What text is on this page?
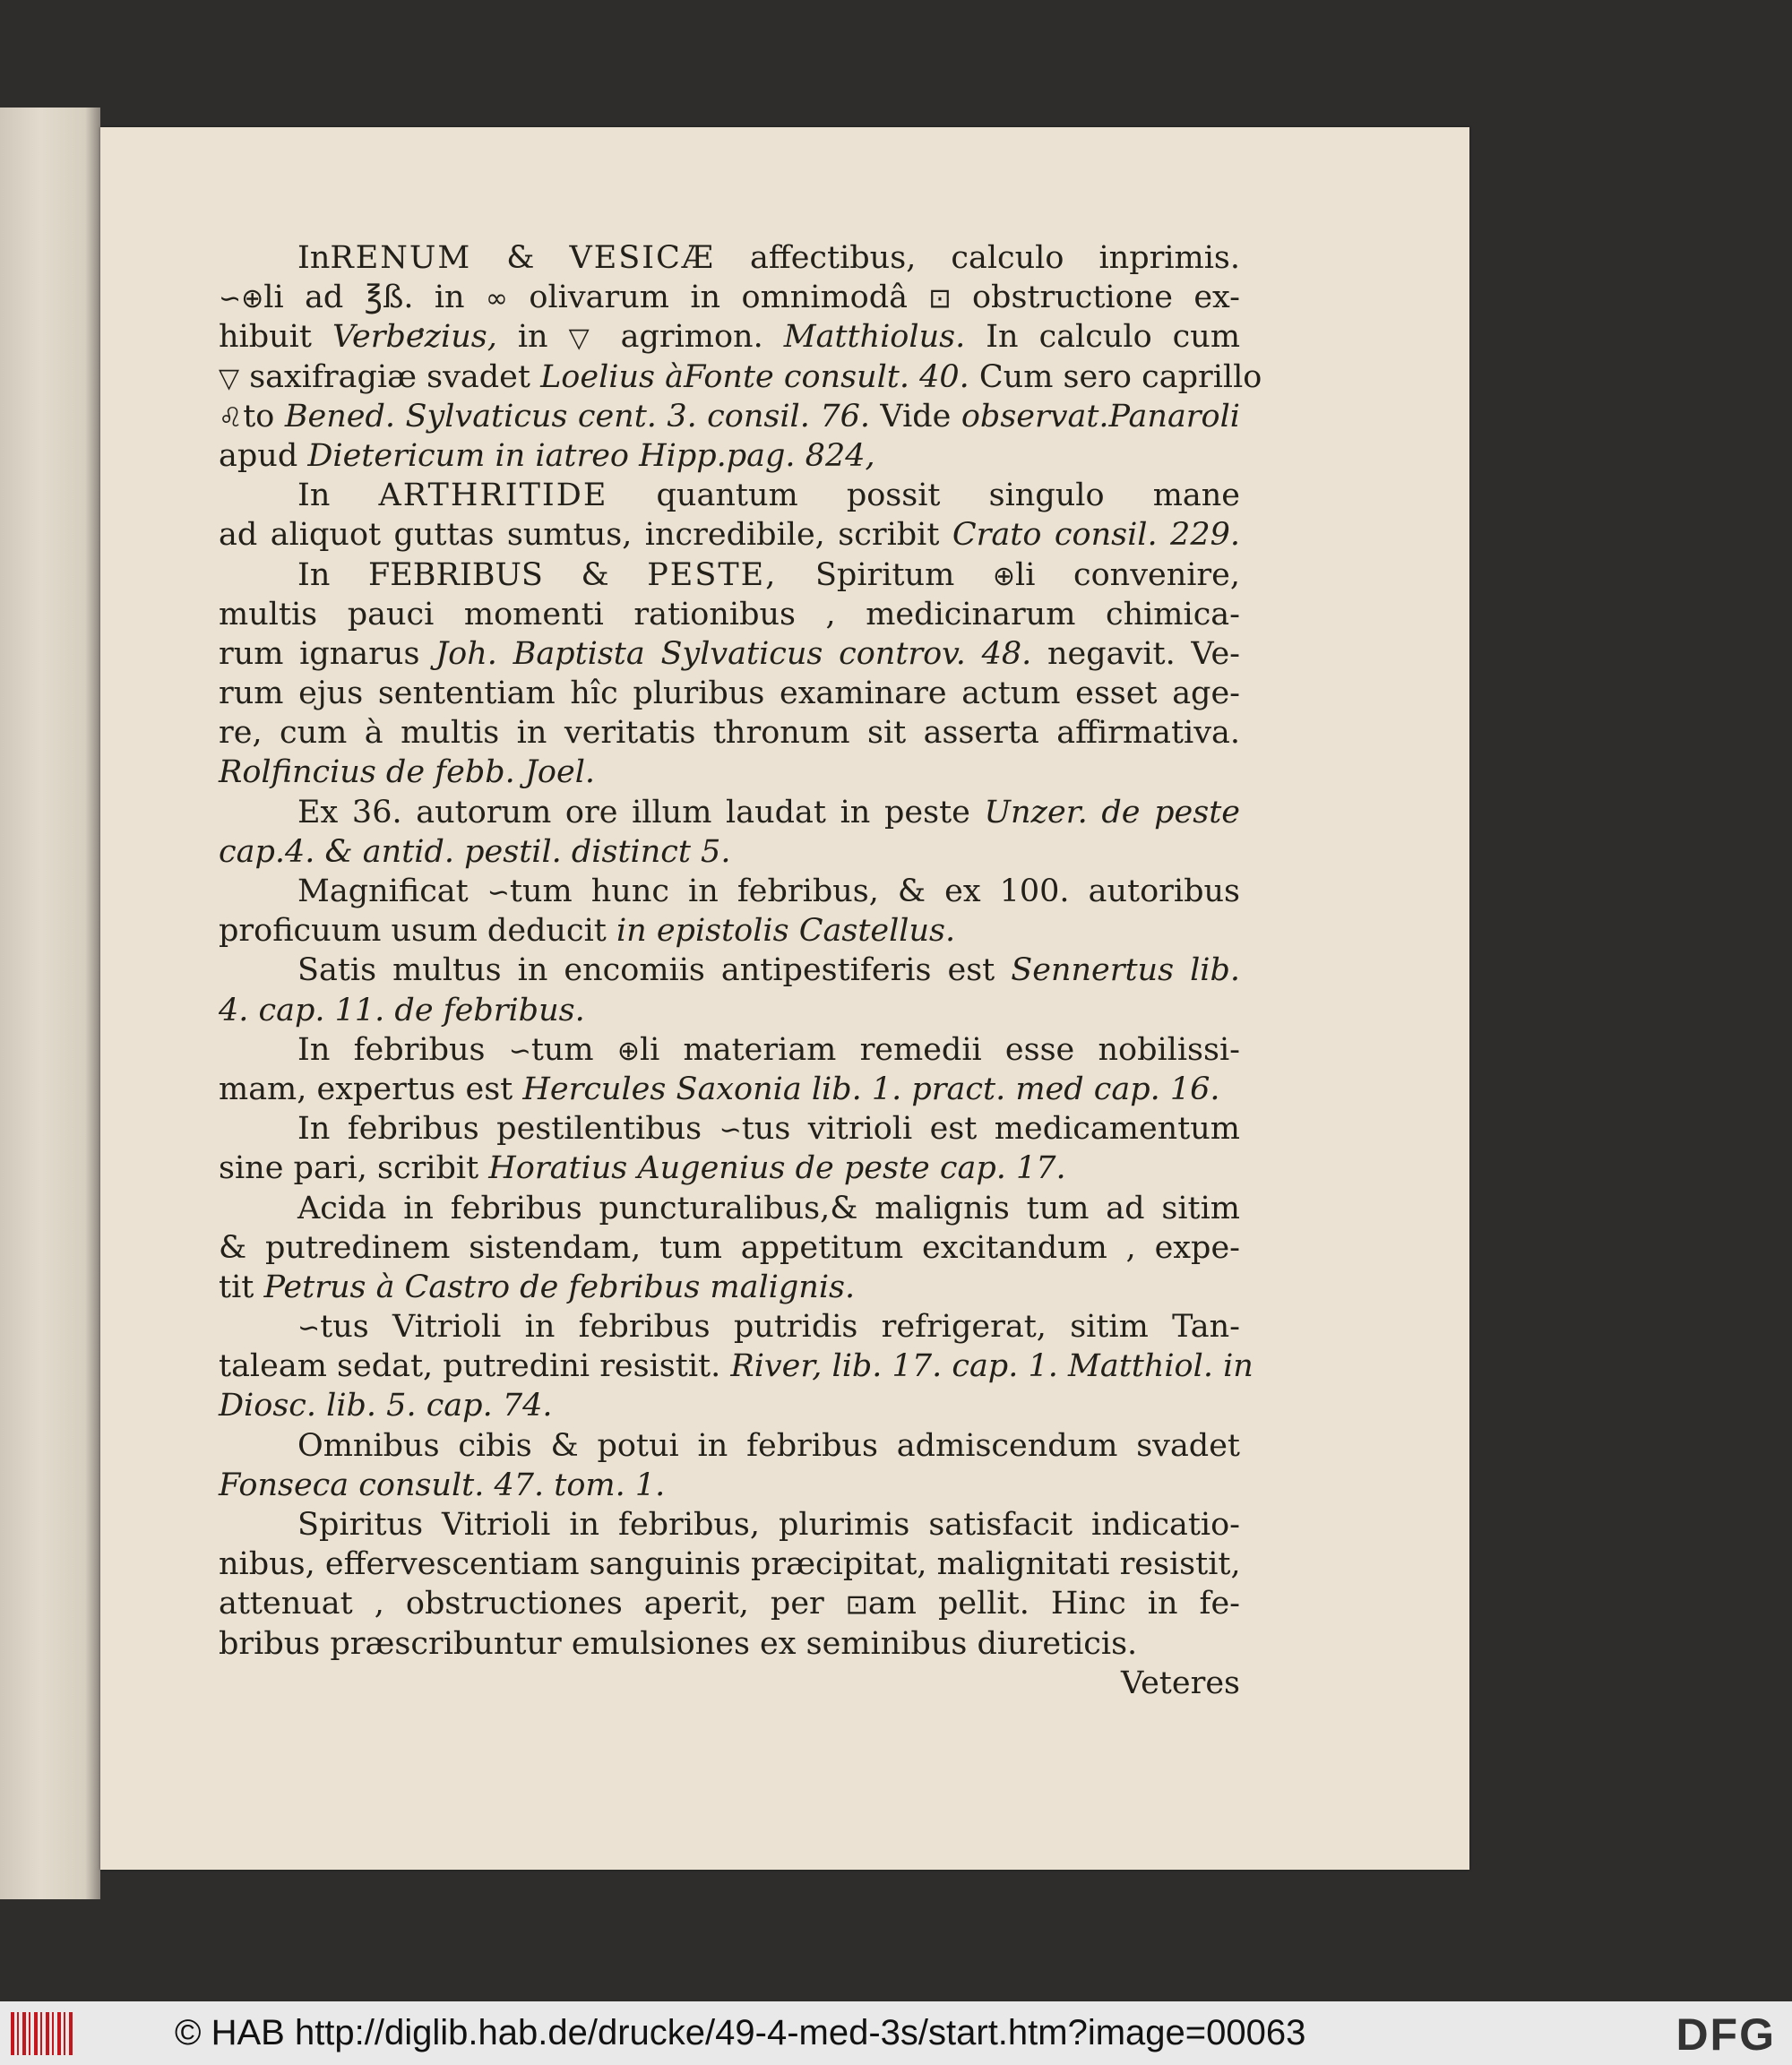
InRENUM & VESICÆ affectibus, calculo inprimis.
∽⊕li ad ℥ß. in ∞ olivarum in omnimodâ ⊡ obstructione ex-
hibuit Verbezius, in ▽ agrimon. Matthiolus. In calculo cum
▽ saxifragiæ svadet Loelius àFonte consult. 40. Cum sero caprillo
♌to Bened. Sylvaticus cent. 3. consil. 76. Vide observat.Panaroli
apud Dietericum in iatreo Hipp.pag. 824,
In ARTHRITIDE quantum possit singulo mane
ad aliquot guttas sumtus, incredibile, scribit Crato consil. 229.
In FEBRIBUS & PESTE, Spiritum ⊕li convenire,
multis pauci momenti rationibus , medicinarum chimica-
rum ignarus Joh. Baptista Sylvaticus controv. 48. negavit. Ve-
rum ejus sententiam hîc pluribus examinare actum esset age-
re, cum à multis in veritatis thronum sit asserta affirmativa.
Rolfincius de febb. Joel.
Ex 36. autorum ore illum laudat in peste Unzer. de peste
cap.4. & antid. pestil. distinct 5.
Magnificat ∽tum hunc in febribus, & ex 100. autoribus
proficuum usum deducit in epistolis Castellus.
Satis multus in encomiis antipestiferis est Sennertus lib.
4. cap. 11. de febribus.
In febribus ∽tum ⊕li materiam remedii esse nobilissi-
mam, expertus est Hercules Saxonia lib. 1. pract. med cap. 16.
In febribus pestilentibus ∽tus vitrioli est medicamentum
sine pari, scribit Horatius Augenius de peste cap. 17.
Acida in febribus puncturalibus,& malignis tum ad sitim
& putredinem sistendam, tum appetitum excitandum , expe-
tit Petrus à Castro de febribus malignis.
∽tus Vitrioli in febribus putridis refrigerat, sitim Tan-
taleam sedat, putredini resistit. River, lib. 17. cap. 1. Matthiol. in
Diosc. lib. 5. cap. 74.
Omnibus cibis & potui in febribus admiscendum svadet
Fonseca consult. 47. tom. 1.
Spiritus Vitrioli in febribus, plurimis satisfacit indicatio-
nibus, effervescentiam sanguinis præcipitat, malignitati resistit,
attenuat , obstructiones aperit, per ⊡am pellit. Hinc in fe-
bribus præscribuntur emulsiones ex seminibus diureticis.
Veteres
© HAB http://diglib.hab.de/drucke/49-4-med-3s/start.htm?image=00063	DFG
